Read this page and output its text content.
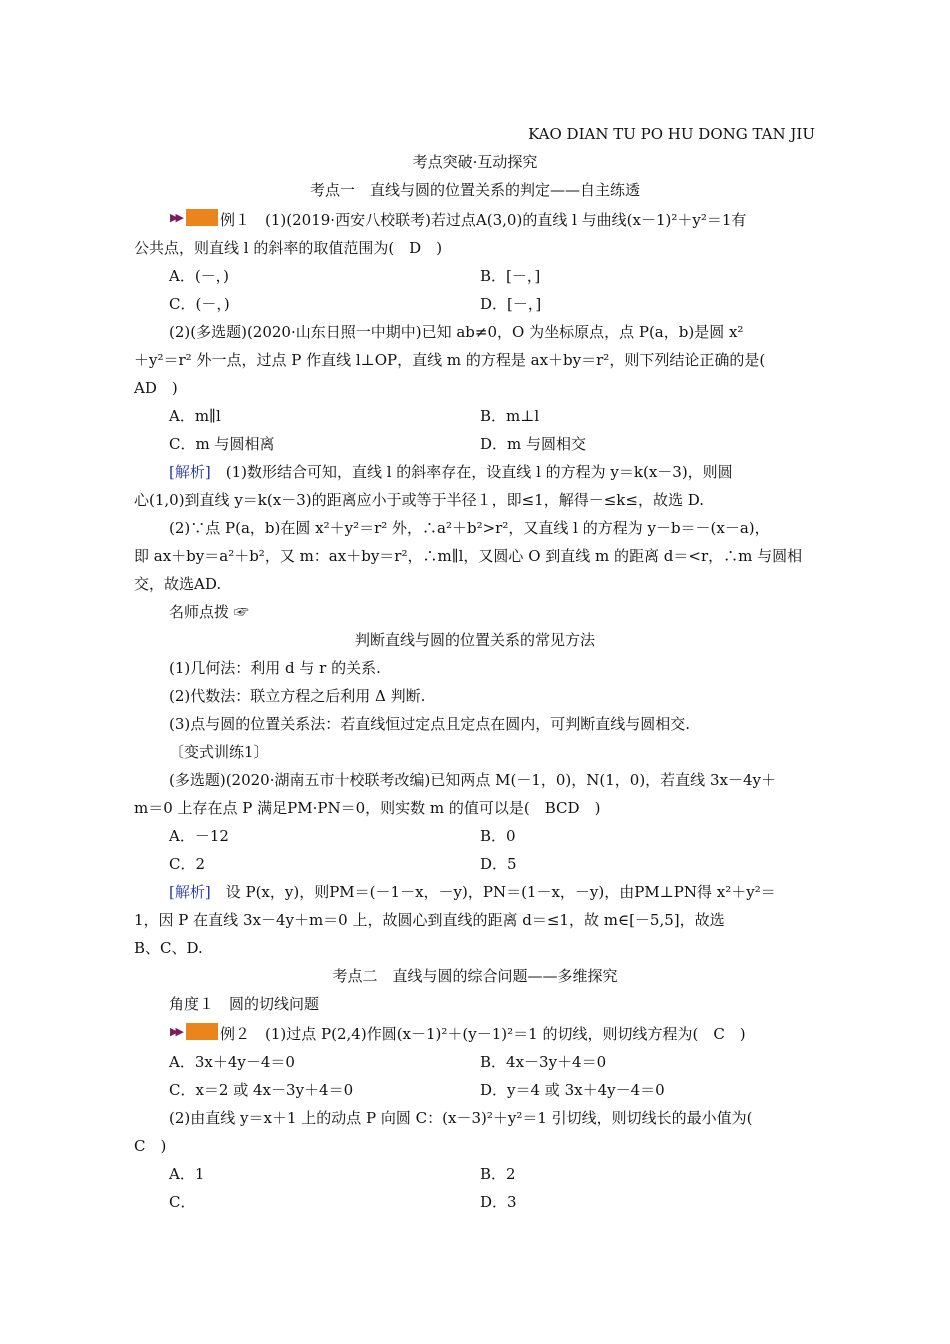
KAO DIAN TU PO HU DONG TAN JIU
考点突破·互动探究
考点一　直线与圆的位置关系的判定——自主练透
▶▶	例１　 (1)(2019·西安八校联考)若过点A(3,0)的直线 l 与曲线(x－1)²＋y²＝1有
公共点，则直线 l 的斜率的取值范围为(　D　)
A．(－，)	B．[－，]
C．(－，)	D．[－，]
(2)(多选题)(2020·山东日照一中期中)已知 ab≠0，O 为坐标原点，点 P(a，b)是圆 x²
＋y²＝r² 外一点，过点 P 作直线 l⊥OP，直线 m 的方程是 ax＋by＝r²，则下列结论正确的是(
AD　)
A．m∥l	B．m⊥l
C．m 与圆相离	D．m 与圆相交
[解析]　(1)数形结合可知，直线 l 的斜率存在，设直线 l 的方程为 y＝k(x－3)，则圆
心(1,0)到直线 y＝k(x－3)的距离应小于或等于半径１，即≤1，解得－≤k≤，故选 D.
(2)∵点 P(a，b)在圆 x²＋y²＝r² 外，∴a²＋b²>r²，又直线 l 的方程为 y－b＝－(x－a)，
即 ax＋by＝a²＋b²，又 m：ax＋by＝r²，∴m∥l，又圆心 O 到直线 m 的距离 d＝<r，∴m 与圆相
交，故选AD.
名师点拨 ☞
判断直线与圆的位置关系的常见方法
(1)几何法：利用 d 与 r 的关系.
(2)代数法：联立方程之后利用 Δ 判断.
(3)点与圆的位置关系法：若直线恒过定点且定点在圆内，可判断直线与圆相交.
〔变式训练1〕
(多选题)(2020·湖南五市十校联考改编)已知两点 M(－1，0)，N(1，0)，若直线 3x－4y＋
m＝0 上存在点 P 满足PM·PN＝0，则实数 m 的值可以是(　BCD　)
A．－12	B．0
C．2	D．5
[解析]　设 P(x，y)，则PM＝(－1－x，－y)，PN＝(1－x，－y)，由PM⊥PN得 x²＋y²＝
1，因 P 在直线 3x－4y＋m＝0 上，故圆心到直线的距离 d＝≤1，故 m∈[－5,5]，故选
B、C、D.
考点二　直线与圆的综合问题——多维探究
角度１　圆的切线问题
▶▶	例２　 (1)过点 P(2,4)作圆(x－1)²＋(y－1)²＝1 的切线，则切线方程为(　C　)
A．3x＋4y－4＝0	B．4x－3y＋4＝0
C．x＝2 或 4x－3y＋4＝0	D．y＝4 或 3x＋4y－4＝0
(2)由直线 y＝x＋1 上的动点 P 向圆 C：(x－3)²＋y²＝1 引切线，则切线长的最小值为(
C　)
A．1	B．2
C．	D．3
